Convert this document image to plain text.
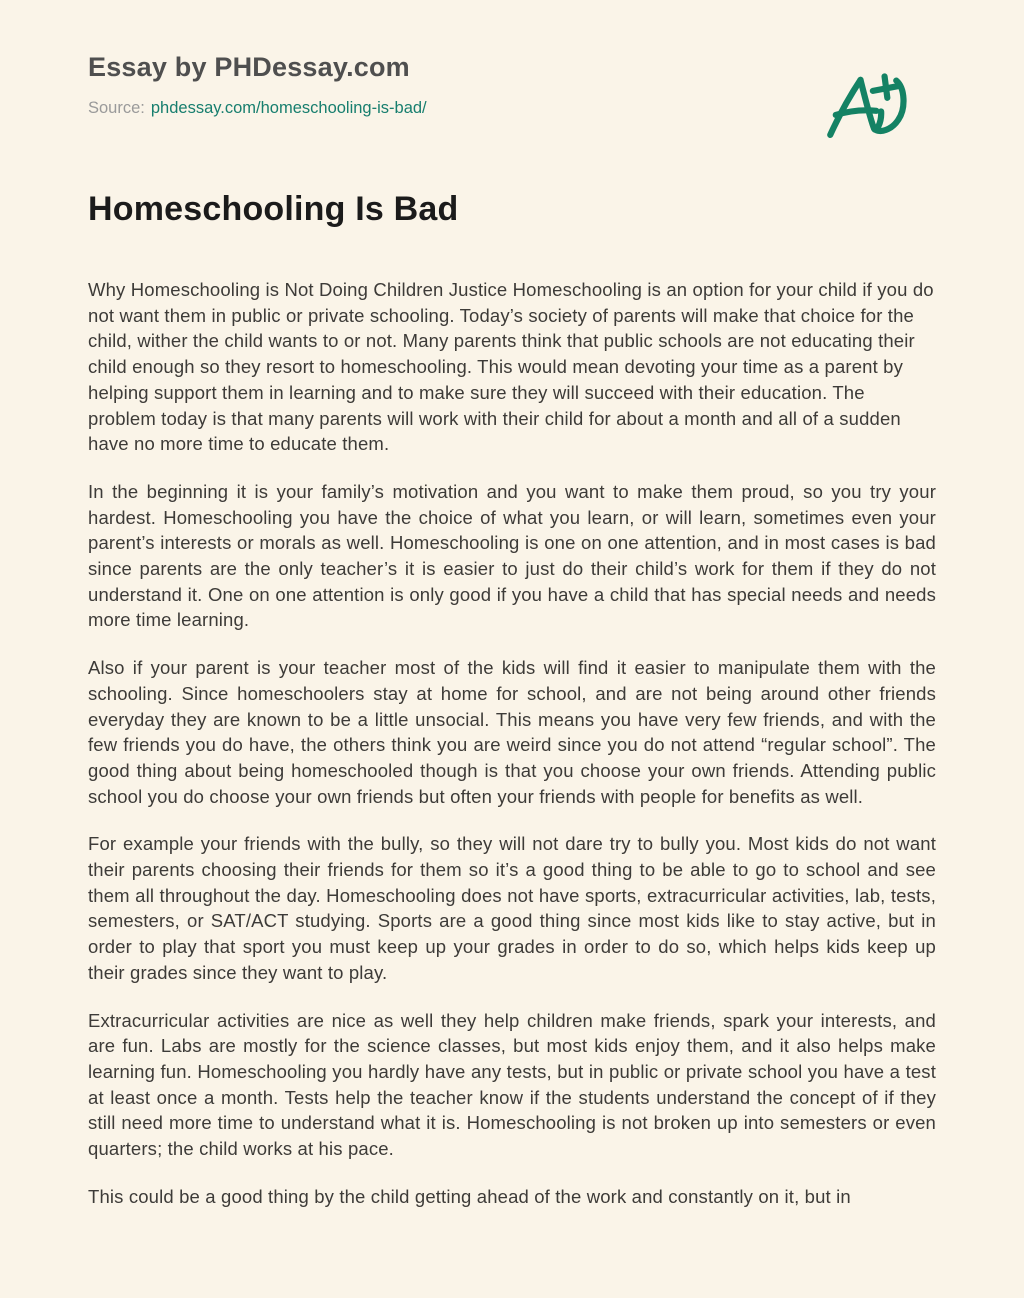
Essay by PHDessay.com
Source: phdessay.com/homeschooling-is-bad/
Homeschooling Is Bad

Why Homeschooling is Not Doing Children Justice Homeschooling is an option for your child if you do not want them in public or private schooling. Today’s society of parents will make that choice for the child, wither the child wants to or not. Many parents think that public schools are not educating their child enough so they resort to homeschooling. This would mean devoting your time as a parent by helping support them in learning and to make sure they will succeed with their education. The problem today is that many parents will work with their child for about a month and all of a sudden have no more time to educate them.

In the beginning it is your family’s motivation and you want to make them proud, so you try your hardest. Homeschooling you have the choice of what you learn, or will learn, sometimes even your parent’s interests or morals as well. Homeschooling is one on one attention, and in most cases is bad since parents are the only teacher’s it is easier to just do their child’s work for them if they do not understand it. One on one attention is only good if you have a child that has special needs and needs more time learning.

Also if your parent is your teacher most of the kids will find it easier to manipulate them with the schooling. Since homeschoolers stay at home for school, and are not being around other friends everyday they are known to be a little unsocial. This means you have very few friends, and with the few friends you do have, the others think you are weird since you do not attend “regular school”. The good thing about being homeschooled though is that you choose your own friends. Attending public school you do choose your own friends but often your friends with people for benefits as well.

For example your friends with the bully, so they will not dare try to bully you. Most kids do not want their parents choosing their friends for them so it’s a good thing to be able to go to school and see them all throughout the day. Homeschooling does not have sports, extracurricular activities, lab, tests, semesters, or SAT/ACT studying. Sports are a good thing since most kids like to stay active, but in order to play that sport you must keep up your grades in order to do so, which helps kids keep up their grades since they want to play.

Extracurricular activities are nice as well they help children make friends, spark your interests, and are fun. Labs are mostly for the science classes, but most kids enjoy them, and it also helps make learning fun. Homeschooling you hardly have any tests, but in public or private school you have a test at least once a month. Tests help the teacher know if the students understand the concept of if they still need more time to understand what it is. Homeschooling is not broken up into semesters or even quarters; the child works at his pace.

This could be a good thing by the child getting ahead of the work and constantly on it, but in
